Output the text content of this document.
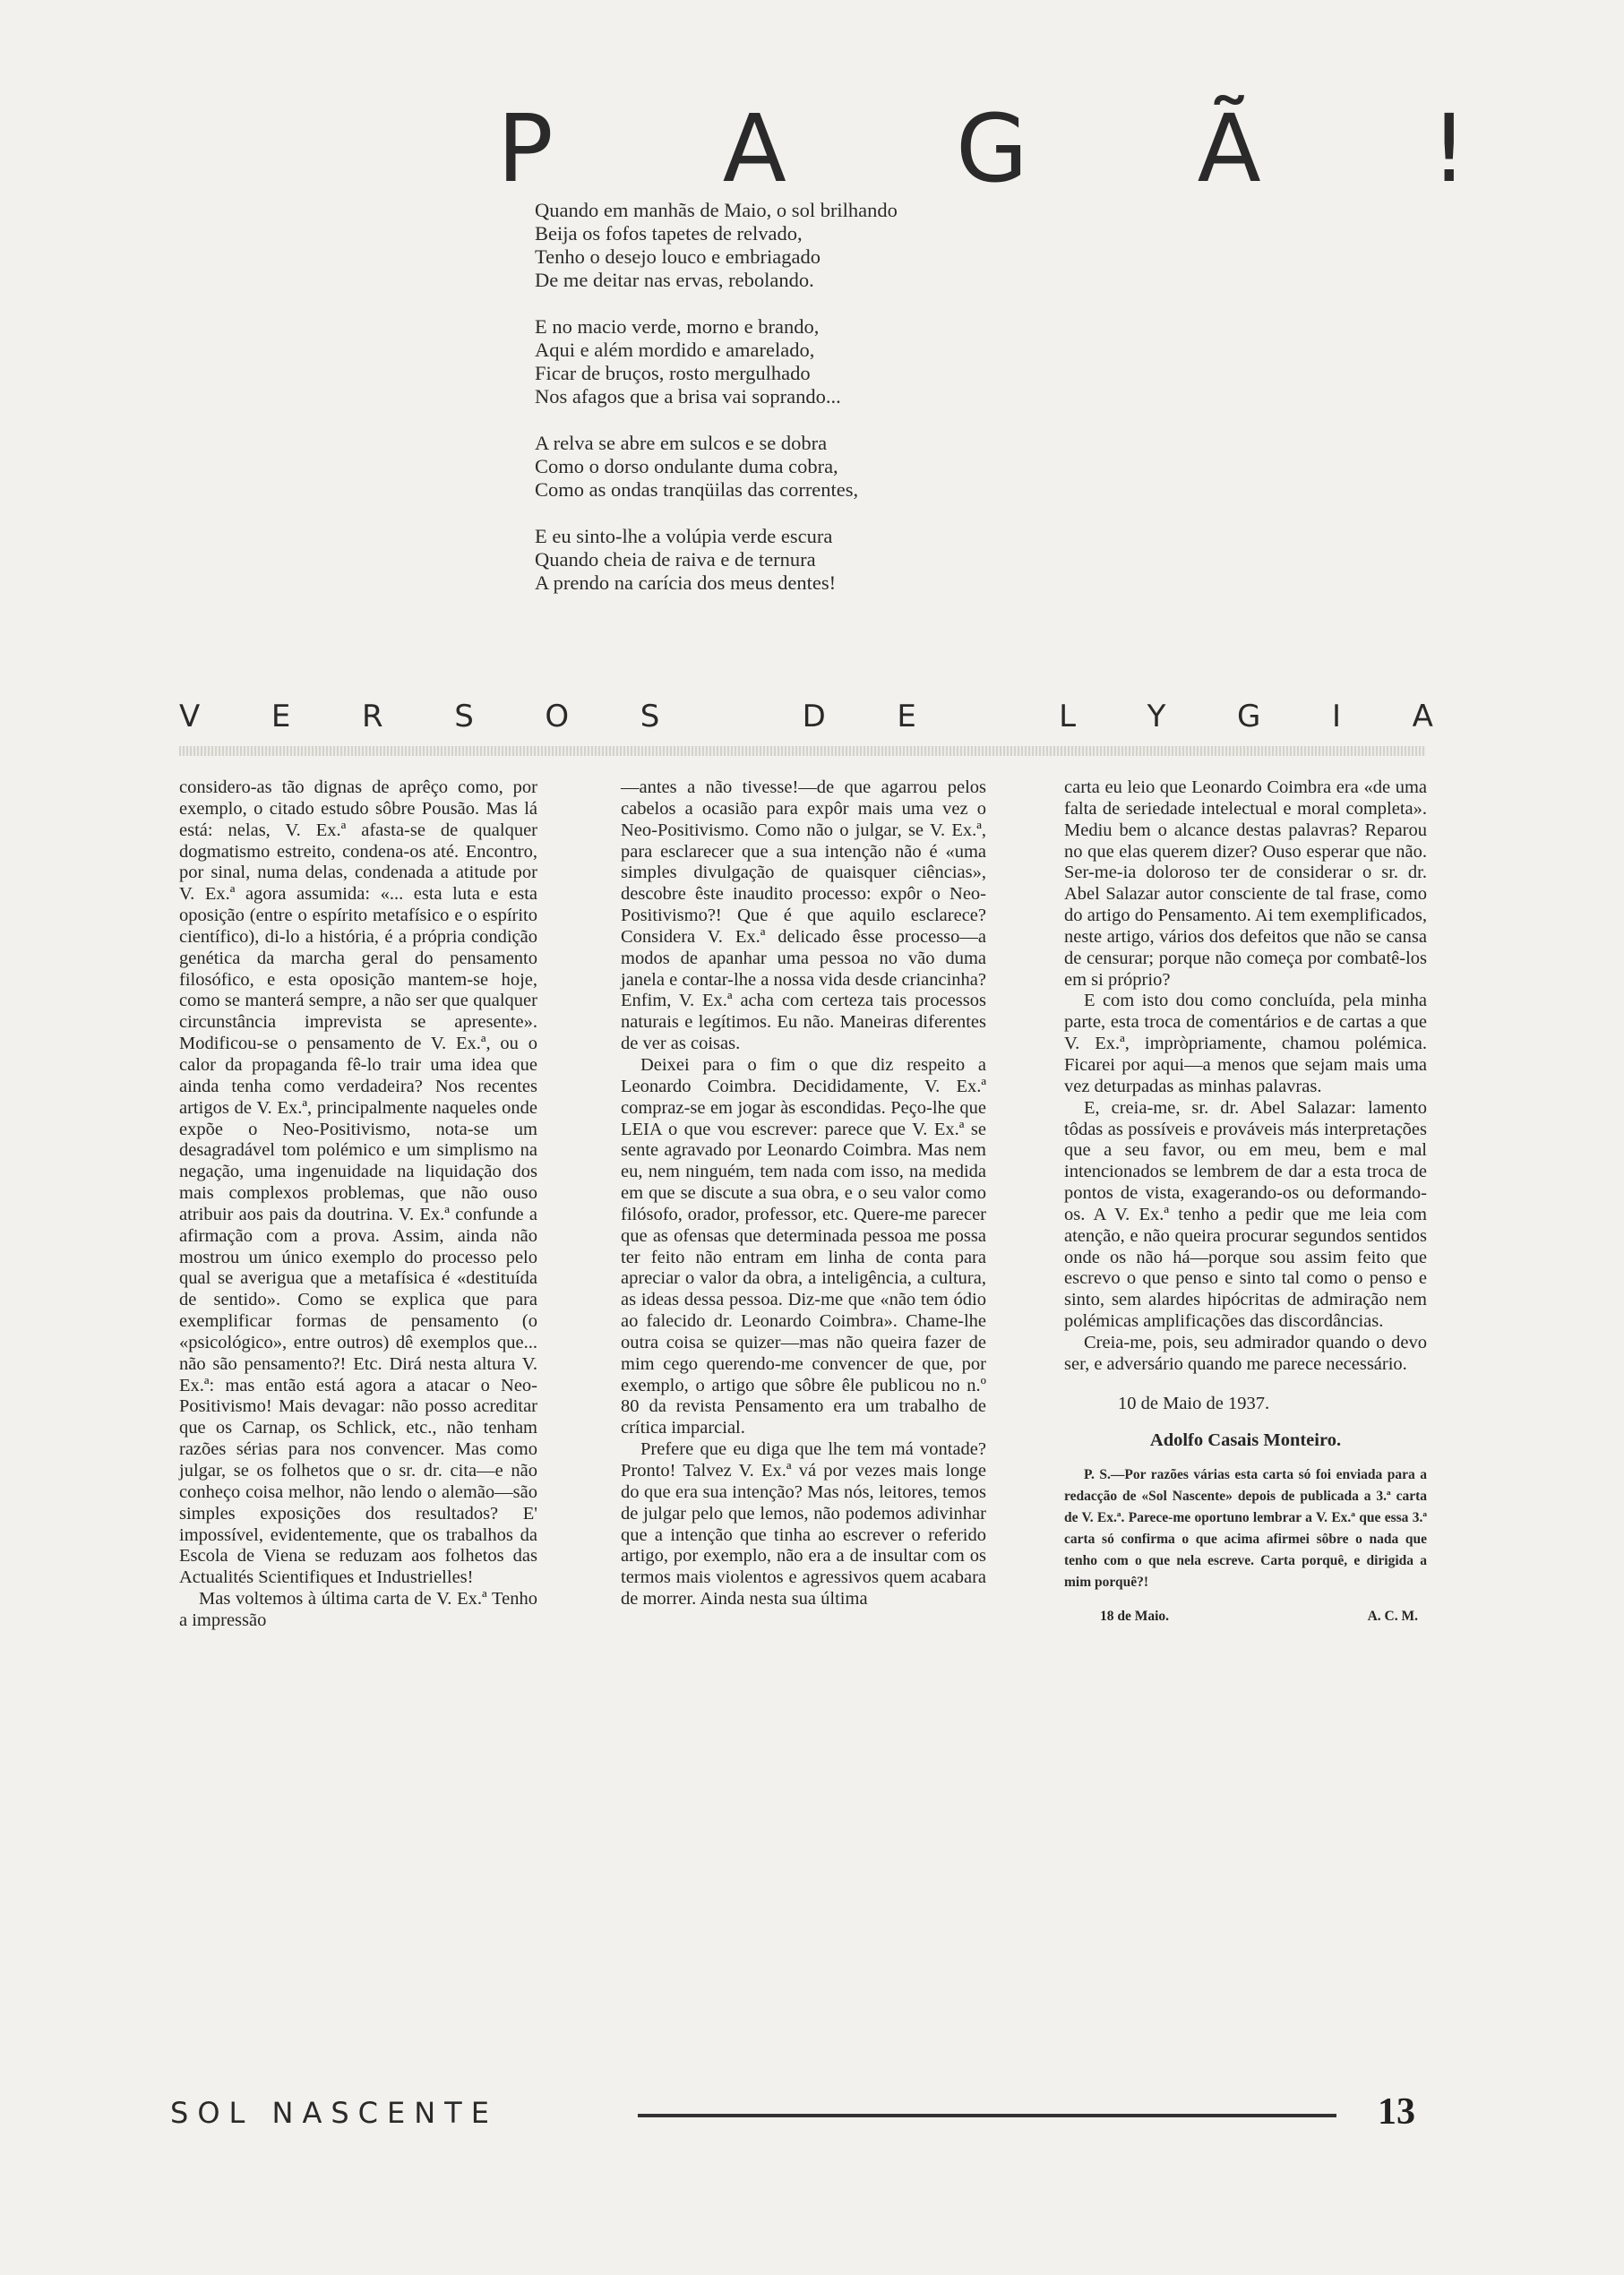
P A G Ã !
Quando em manhãs de Maio, o sol brilhando
Beija os fofos tapetes de relvado,
Tenho o desejo louco e embriagado
De me deitar nas ervas, rebolando.
E no macio verde, morno e brando,
Aqui e além mordido e amarelado,
Ficar de bruços, rosto mergulhado
Nos afagos que a brisa vai soprando...
A relva se abre em sulcos e se dobra
Como o dorso ondulante duma cobra,
Como as ondas tranqüilas das correntes,
E eu sinto-lhe a volúpia verde escura
Quando cheia de raiva e de ternura
A prendo na carícia dos meus dentes!
V E R S O S	D E	L Y G I A

considero-as tão dignas de aprêço como, por exemplo, o citado estudo sôbre Pousão. Mas lá está: nelas, V. Ex.ª afasta-se de qualquer dogmatismo estreito, condena-os até. Encontro, por sinal, numa delas, condenada a atitude por V. Ex.ª agora assumida: «... esta luta e esta oposição (entre o espírito metafísico e o espírito científico), di-lo a história, é a própria condição genética da marcha geral do pensamento filosófico, e esta oposição mantem-se hoje, como se manterá sempre, a não ser que qualquer circunstância imprevista se apresente». Modificou-se o pensamento de V. Ex.ª, ou o calor da propaganda fê-lo trair uma idea que ainda tenha como verdadeira? Nos recentes artigos de V. Ex.ª, principalmente naqueles onde expõe o Neo-Positivismo, nota-se um desagradável tom polémico e um simplismo na negação, uma ingenuidade na liquidação dos mais complexos problemas, que não ouso atribuir aos pais da doutrina. V. Ex.ª confunde a afirmação com a prova. Assim, ainda não mostrou um único exemplo do processo pelo qual se averigua que a metafísica é «destituída de sentido». Como se explica que para exemplificar formas de pensamento (o «psicológico», entre outros) dê exemplos que... não são pensamento?! Etc. Dirá nesta altura V. Ex.ª: mas então está agora a atacar o Neo-Positivismo! Mais devagar: não posso acreditar que os Carnap, os Schlick, etc., não tenham razões sérias para nos convencer. Mas como julgar, se os folhetos que o sr. dr. cita—e não conheço coisa melhor, não lendo o alemão—são simples exposições dos resultados? E' impossível, evidentemente, que os trabalhos da Escola de Viena se reduzam aos folhetos das Actualités Scientifiques et Industrielles!

Mas voltemos à última carta de V. Ex.ª Tenho a impressão

—antes a não tivesse!—de que agarrou pelos cabelos a ocasião para expôr mais uma vez o Neo-Positivismo. Como não o julgar, se V. Ex.ª, para esclarecer que a sua intenção não é «uma simples divulgação de quaisquer ciências», descobre êste inaudito processo: expôr o Neo-Positivismo?! Que é que aquilo esclarece? Considera V. Ex.ª delicado êsse processo—a modos de apanhar uma pessoa no vão duma janela e contar-lhe a nossa vida desde criancinha? Enfim, V. Ex.ª acha com certeza tais processos naturais e legítimos. Eu não. Maneiras diferentes de ver as coisas.

Deixei para o fim o que diz respeito a Leonardo Coimbra. Decididamente, V. Ex.ª compraz-se em jogar às escondidas. Peço-lhe que LEIA o que vou escrever: parece que V. Ex.ª se sente agravado por Leonardo Coimbra. Mas nem eu, nem ninguém, tem nada com isso, na medida em que se discute a sua obra, e o seu valor como filósofo, orador, professor, etc. Quere-me parecer que as ofensas que determinada pessoa me possa ter feito não entram em linha de conta para apreciar o valor da obra, a inteligência, a cultura, as ideas dessa pessoa. Diz-me que «não tem ódio ao falecido dr. Leonardo Coimbra». Chame-lhe outra coisa se quizer—mas não queira fazer de mim cego querendo-me convencer de que, por exemplo, o artigo que sôbre êle publicou no n.º 80 da revista Pensamento era um trabalho de crítica imparcial.

Prefere que eu diga que lhe tem má vontade? Pronto! Talvez V. Ex.ª vá por vezes mais longe do que era sua intenção? Mas nós, leitores, temos de julgar pelo que lemos, não podemos adivinhar que a intenção que tinha ao escrever o referido artigo, por exemplo, não era a de insultar com os termos mais violentos e agressivos quem acabara de morrer. Ainda nesta sua última

carta eu leio que Leonardo Coimbra era «de uma falta de seriedade intelectual e moral completa». Mediu bem o alcance destas palavras? Reparou no que elas querem dizer? Ouso esperar que não. Ser-me-ia doloroso ter de considerar o sr. dr. Abel Salazar autor consciente de tal frase, como do artigo do Pensamento. Ai tem exemplificados, neste artigo, vários dos defeitos que não se cansa de censurar; porque não começa por combatê-los em si próprio?

E com isto dou como concluída, pela minha parte, esta troca de comentários e de cartas a que V. Ex.ª, impròpriamente, chamou polémica. Ficarei por aqui—a menos que sejam mais uma vez deturpadas as minhas palavras.

E, creia-me, sr. dr. Abel Salazar: lamento tôdas as possíveis e prováveis más interpretações que a seu favor, ou em meu, bem e mal intencionados se lembrem de dar a esta troca de pontos de vista, exagerando-os ou deformando-os. A V. Ex.ª tenho a pedir que me leia com atenção, e não queira procurar segundos sentidos onde os não há—porque sou assim feito que escrevo o que penso e sinto tal como o penso e sinto, sem alardes hipócritas de admiração nem polémicas amplificações das discordâncias.

Creia-me, pois, seu admirador quando o devo ser, e adversário quando me parece necessário.

10 de Maio de 1937.

Adolfo Casais Monteiro.

P. S.—Por razões várias esta carta só foi enviada para a redacção de «Sol Nascente» depois de publicada a 3.ª carta de V. Ex.ª. Parece-me oportuno lembrar a V. Ex.ª que essa 3.ª carta só confirma o que acima afirmei sôbre o nada que tenho com o que nela escreve. Carta porquê, e dirigida a mim porquê?!
18 de Maio.	A. C. M.
SOL NASCENTE	13
